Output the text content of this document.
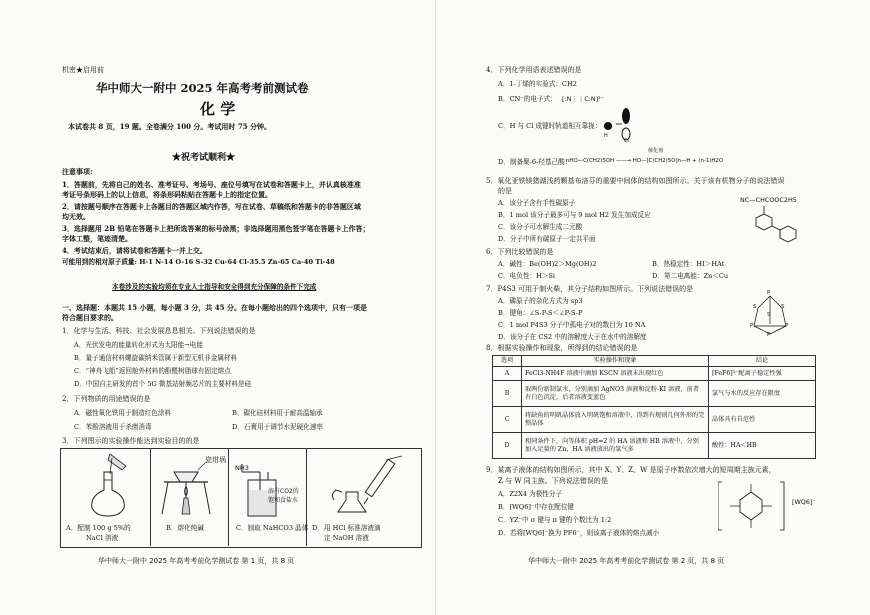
机密★启用前
华中师大一附中 2025 年高考考前测试卷
化 学
本试卷共 8 页，19 题。全卷满分 100 分。考试用时 75 分钟。
★祝考试顺利★
注意事项:
1．答题前，先将自己的姓名、准考证号、考场号、座位号填写在试卷和答题卡上，并认真核准准
考证号条形码上的以上信息，将条形码粘贴在答题卡上的指定位置。
2．请按题号顺序在答题卡上各题目的答题区域内作答，写在试卷、草稿纸和答题卡的非答题区域
均无效。
3．选择题用 2B 铅笔在答题卡上把所选答案的标号涂黑；非选择题用黑色签字笔在答题卡上作答；
字体工整，笔迹清楚。
4．考试结束后，请将试卷和答题卡一并上交。
可能用到的相对原子质量: H-1 N-14 O-16 S-32 Cu-64 Cl-35.5 Zn-65 Ca-40 Ti-48
本卷涉及的实验均须在专业人士指导和安全得到充分保障的条件下完成
一、选择题：本题共 15 小题，每小题 3 分，共 45 分。在每小题给出的四个选项中，只有一项是
符合题目要求的。
1．化学与生活、科技、社会发展息息相关。下列说法错误的是
A．光伏发电的能量转化形式为太阳能→电能
B．量子通信材料螺旋碳纳米管属于新型无机非金属材料
C．“神舟飞船”返回舱外材料的酚醛树脂球有固定熔点
D．中国自主研发的首个 5G 微基站射频芯片的主要材料是硅
2．下列物质的用途错误的是
A．磁性氧化铁用于制造红色涂料	B．碳化硅材料用于耐高温轴承
C．苯酚溶液用于杀菌消毒	D．石膏用于调节水泥硬化速率
3．下列图示的实验操作能达到实验目的的是
瓷坩埚
NH3
溶有CO2的
饱和食盐水
A．配制 100 g 5%的
NaCl 溶液
B．熔化纯碱	C．制取 NaHCO3 晶体 D．用 HCl 标准溶液滴
定 NaOH 溶液
华中师大一附中 2025 年高考考前化学测试卷 第 1 页，共 8 页
4．下列化学用语表述错误的是
A．1-丁烯的实验式：CH2
B．CN⁻的电子式： [:N⋮⋮C:N]²⁻
C．H 与 Cl 成键时轨道相互靠拢：
H
Cl
D．制备聚-6-羟基己酸：
催化剂
nHO—C(CH2)5OH ——→ HO—[C(CH2)5O]n—H + (n-1)H2O
5．氧化亚铁镁猪湖浅药颗基布洛芬的重要中间体的结构如图所示。关于该有机物分子的说法错误
的是
NC—CHCOOC2H5
A．该分子含有手性碳原子
B．1 mol 该分子最多可与 9 mol H2 发生加成反应
C．该分子可水解生成二元酸
D．分子中所有碳原子一定共平面
6．下列比较错误的是
A．碱性：Be(OH)2＞Mg(OH)2	B．热稳定性：HI＞HAt
C．电负性：H＞Si	D．第二电离能：Zn＜Cu
7．P4S3 可用于制火柴，其分子结构如图所示。下列说法错误的是
A．磷原子的杂化方式为 sp3
B．键角：∠S-P-S＜∠P-S-P
C．1 mol P4S3 分子中孤电子对的数目为 10 NA
D．该分子在 CS2 中的溶解度大于在水中的溶解度
P
S
P
S
P
S
P
8．根据实验操作和现象，所得到的结论错误的是
选项	实验操作和现象	结论
A	FeCl3-NH4F 溶液中滴加 KSCN 溶液未出现红色	[FeF6]³⁻配离子稳定性强
B	取两份新制氯水，分别滴加 AgNO3 溶液和淀粉-KI 溶液，前者有白色沉淀，后者溶液变蓝色	氯气与水的反应存在限度
C	将缺角的明矾晶体放入明矾饱和溶液中，得到有规则几何外形的完整晶体	晶体具有自范性
D	相同条件下，向等体积 pH=2 的 HA 溶液和 HB 溶液中，分别加入足量的 Zn，HA 溶液放出的氢气多	酸性：HA＜HB
9．某离子液体的结构如图所示，其中 X、Y、Z、W 是原子序数依次增大的短周期主族元素，
Z 与 W 同主族。下列说法错误的是
A．Z2X4 为极性分子
B．[WQ6]⁻中存在配位键
C．YZ⁻中 σ 键与 π 键的个数比为 1:2
D．若将[WQ6]⁻换为 PF6⁻，则该离子液体的熔点减小
[WQ6]⁻
华中师大一附中 2025 年高考考前化学测试卷 第 2 页，共 8 页
